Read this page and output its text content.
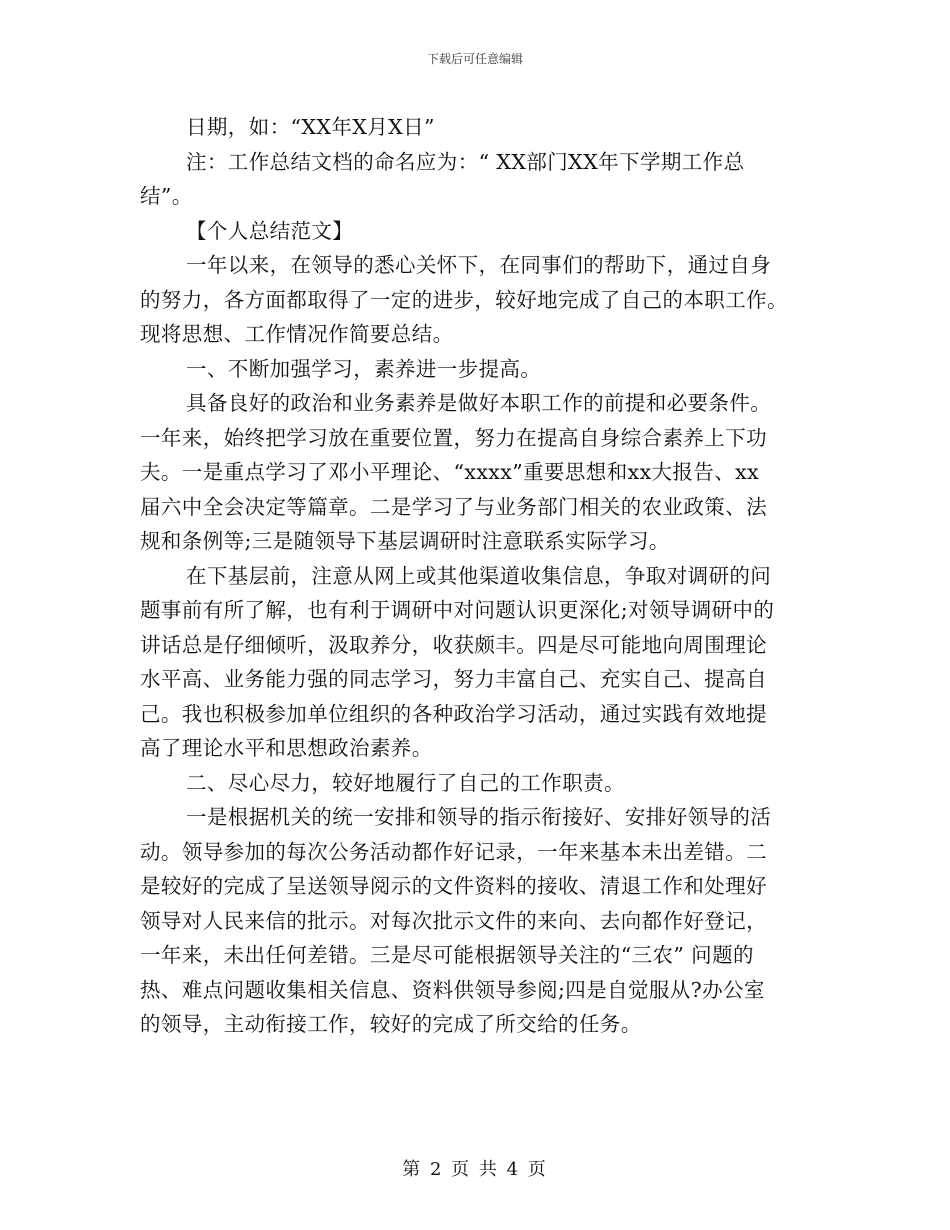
下载后可任意编辑
日期，如：“XX年X月X日”
注：工作总结文档的命名应为：“ XX部门XX年下学期工作总
结”。
【个人总结范文】
一年以来，在领导的悉心关怀下，在同事们的帮助下，通过自身
的努力，各方面都取得了一定的进步，较好地完成了自己的本职工作。
现将思想、工作情况作简要总结。
一、不断加强学习，素养进一步提高。
具备良好的政治和业务素养是做好本职工作的前提和必要条件。
一年来，始终把学习放在重要位置，努力在提高自身综合素养上下功
夫。一是重点学习了邓小平理论、“xxxx”重要思想和xx大报告、xx
届六中全会决定等篇章。二是学习了与业务部门相关的农业政策、法
规和条例等;三是随领导下基层调研时注意联系实际学习。
在下基层前，注意从网上或其他渠道收集信息，争取对调研的问
题事前有所了解，也有利于调研中对问题认识更深化;对领导调研中的
讲话总是仔细倾听，汲取养分，收获颇丰。四是尽可能地向周围理论
水平高、业务能力强的同志学习，努力丰富自己、充实自己、提高自
己。我也积极参加单位组织的各种政治学习活动，通过实践有效地提
高了理论水平和思想政治素养。
二、尽心尽力，较好地履行了自己的工作职责。
一是根据机关的统一安排和领导的指示衔接好、安排好领导的活
动。领导参加的每次公务活动都作好记录，一年来基本未出差错。二
是较好的完成了呈送领导阅示的文件资料的接收、清退工作和处理好
领导对人民来信的批示。对每次批示文件的来向、去向都作好登记，
一年来，未出任何差错。三是尽可能根据领导关注的“三农” 问题的
热、难点问题收集相关信息、资料供领导参阅;四是自觉服从?办公室
的领导，主动衔接工作，较好的完成了所交给的任务。
第 2 页 共 4 页
